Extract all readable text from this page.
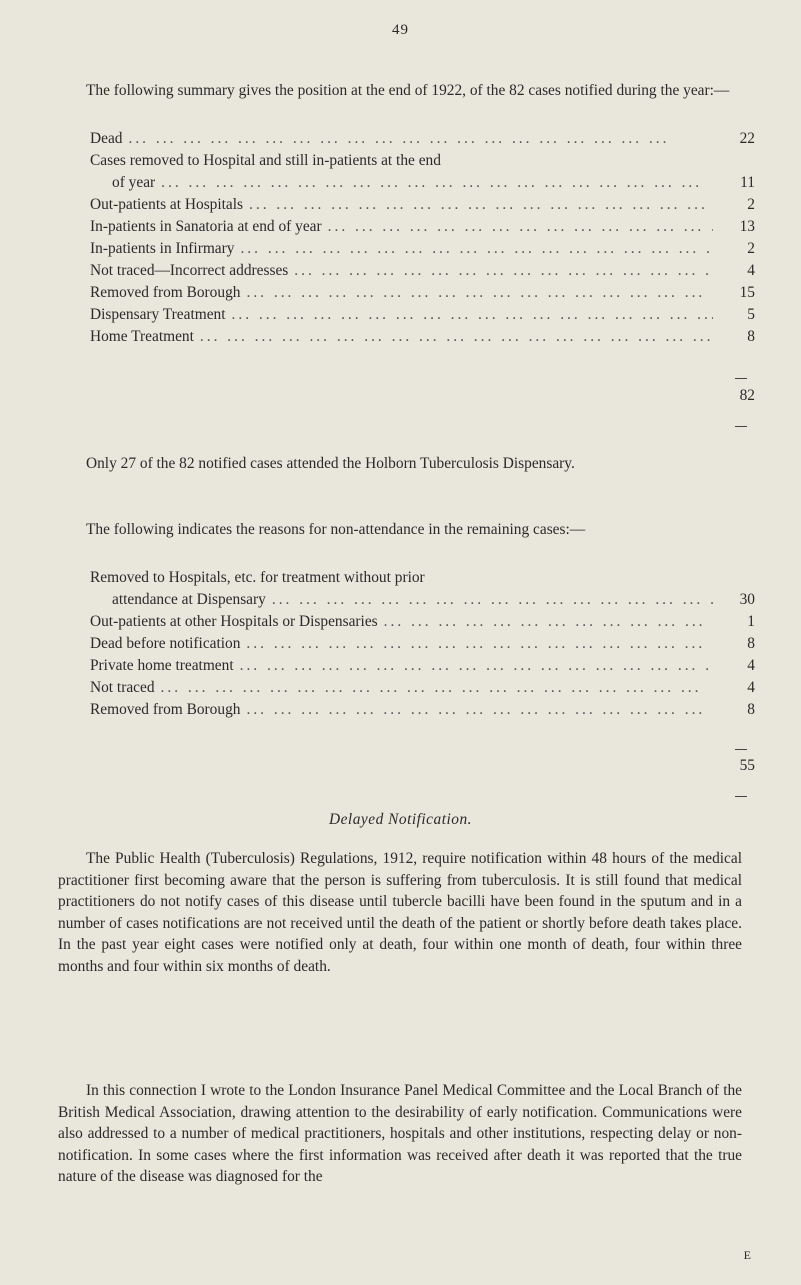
49

The following summary gives the position at the end of 1922, of the 82 cases notified during the year:—

Dead ... .	22
Cases removed to Hospital and still in-patients at the end
of year ... .	11
Out-patients at Hospitals ... .	2
In-patients in Sanatoria at end of year ... .	13
In-patients in Infirmary ... .	2
Not traced—Incorrect addresses ... .	4
Removed from Borough ... .	15
Dispensary Treatment ... .	5
Home Treatment ... .	8
82

Only 27 of the 82 notified cases attended the Holborn Tuberculosis Dispensary.

The following indicates the reasons for non-attendance in the remaining cases:—

Removed to Hospitals, etc. for treatment without prior
attendance at Dispensary ... .	30
Out-patients at other Hospitals or Dispensaries ... .	1
Dead before notification ... .	8
Private home treatment ... .	4
Not traced ... .	4
Removed from Borough ... .	8
55
Delayed Notification.

The Public Health (Tuberculosis) Regulations, 1912, require notification within 48 hours of the medical practitioner first becoming aware that the person is suffering from tuberculosis. It is still found that medical practitioners do not notify cases of this disease until tubercle bacilli have been found in the sputum and in a number of cases notifications are not received until the death of the patient or shortly before death takes place. In the past year eight cases were notified only at death, four within one month of death, four within three months and four within six months of death.

In this connection I wrote to the London Insurance Panel Medical Committee and the Local Branch of the British Medical Association, drawing attention to the desirability of early notification. Communications were also addressed to a number of medical practitioners, hospitals and other institutions, respecting delay or non-notification. In some cases where the first information was received after death it was reported that the true nature of the disease was diagnosed for the

E
